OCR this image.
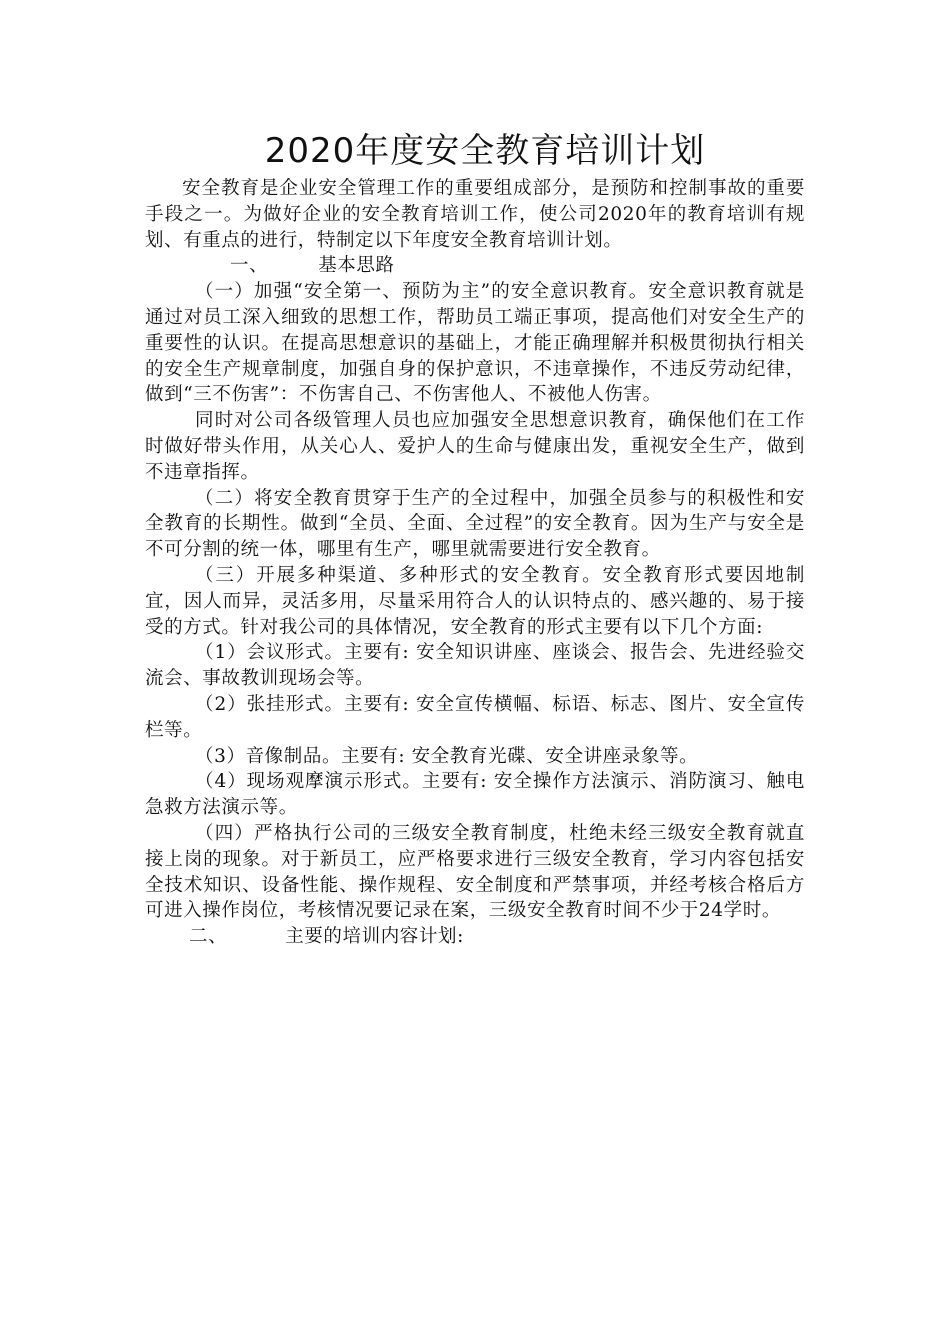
2020年度安全教育培训计划

安全教育是企业安全管理工作的重要组成部分，是预防和控制事故的重要手段之一。为做好企业的安全教育培训工作，使公司2020年的教育培训有规划、有重点的进行，特制定以下年度安全教育培训计划。

一、	基本思路

（一）加强“安全第一、预防为主”的安全意识教育。安全意识教育就是通过对员工深入细致的思想工作，帮助员工端正事项，提高他们对安全生产的重要性的认识。在提高思想意识的基础上，才能正确理解并积极贯彻执行相关的安全生产规章制度，加强自身的保护意识，不违章操作，不违反劳动纪律，做到“三不伤害”：不伤害自己、不伤害他人、不被他人伤害。

同时对公司各级管理人员也应加强安全思想意识教育，确保他们在工作时做好带头作用，从关心人、爱护人的生命与健康出发，重视安全生产，做到不违章指挥。

（二）将安全教育贯穿于生产的全过程中，加强全员参与的积极性和安全教育的长期性。做到“全员、全面、全过程”的安全教育。因为生产与安全是不可分割的统一体，哪里有生产，哪里就需要进行安全教育。

（三）开展多种渠道、多种形式的安全教育。安全教育形式要因地制宜，因人而异，灵活多用，尽量采用符合人的认识特点的、感兴趣的、易于接受的方式。针对我公司的具体情况，安全教育的形式主要有以下几个方面:

（1）会议形式。主要有: 安全知识讲座、座谈会、报告会、先进经验交流会、事故教训现场会等。

（2）张挂形式。主要有: 安全宣传横幅、标语、标志、图片、安全宣传栏等。

（3）音像制品。主要有: 安全教育光碟、安全讲座录象等。

（4）现场观摩演示形式。主要有: 安全操作方法演示、消防演习、触电急救方法演示等。

（四）严格执行公司的三级安全教育制度，杜绝未经三级安全教育就直接上岗的现象。对于新员工，应严格要求进行三级安全教育，学习内容包括安全技术知识、设备性能、操作规程、安全制度和严禁事项，并经考核合格后方可进入操作岗位，考核情况要记录在案，三级安全教育时间不少于24学时。

二、	主要的培训内容计划:
